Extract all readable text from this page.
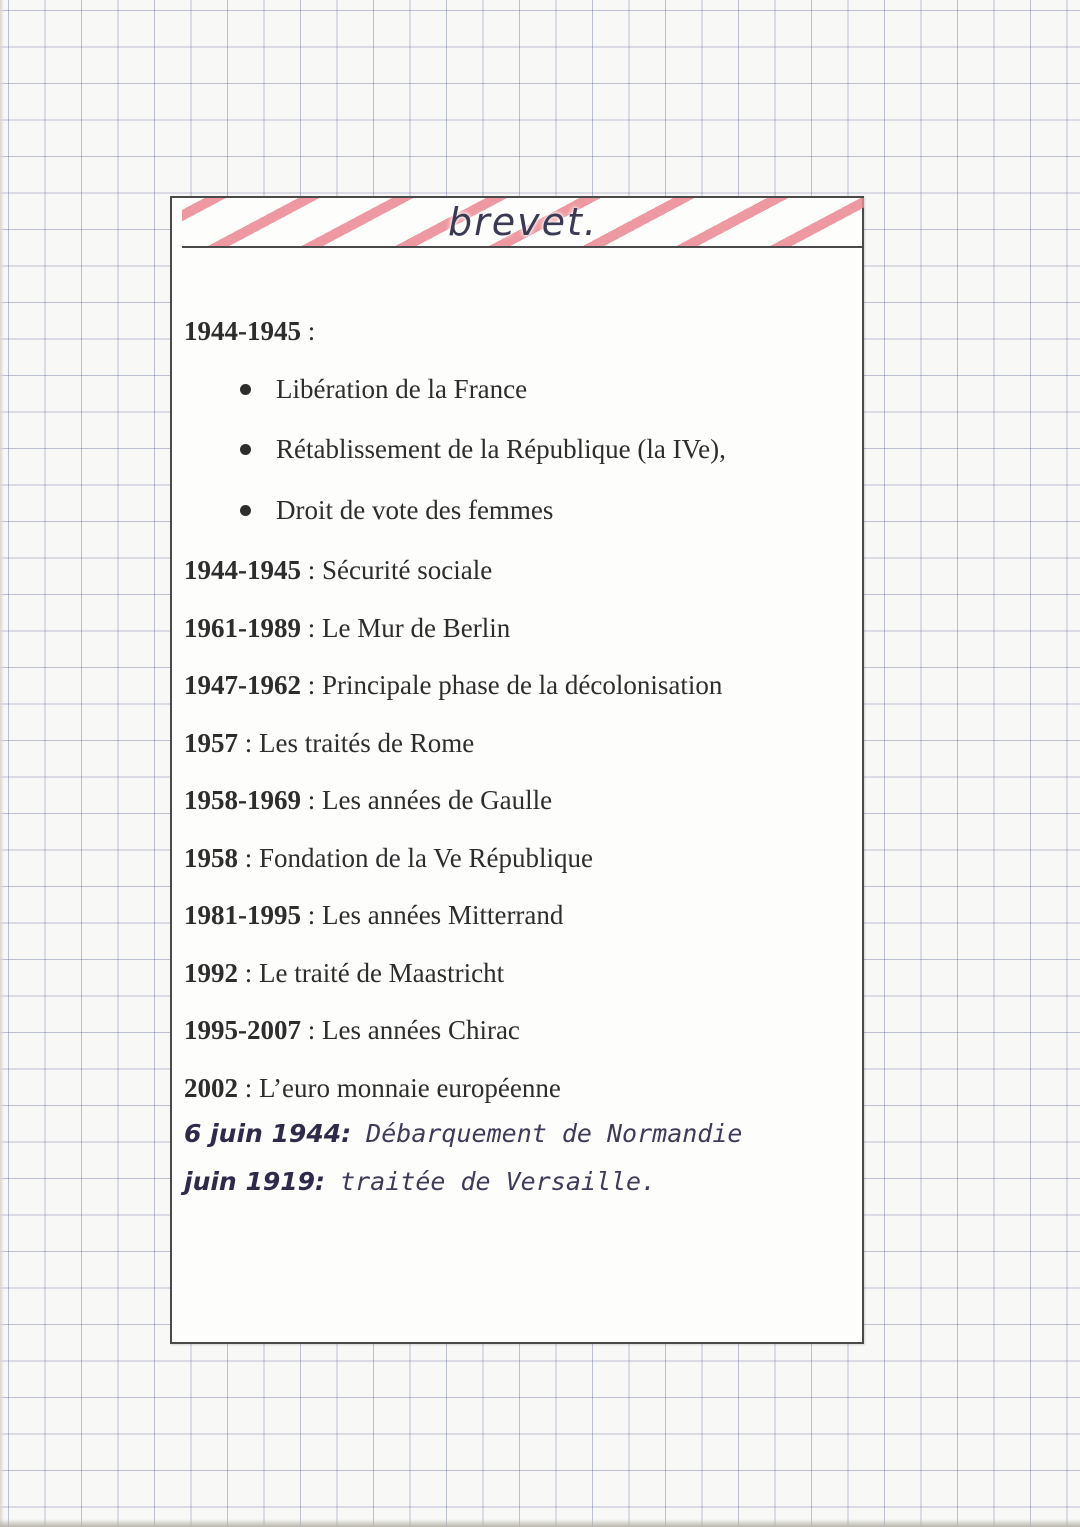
brevet.
1944-1945 :
Libération de la France
Rétablissement de la République (la IVe),
Droit de vote des femmes
1944-1945 : Sécurité sociale
1961-1989 : Le Mur de Berlin
1947-1962 : Principale phase de la décolonisation
1957 : Les traités de Rome
1958-1969 : Les années de Gaulle
1958 : Fondation de la Ve République
1981-1995 : Les années Mitterrand
1992 : Le traité de Maastricht
1995-2007 : Les années Chirac
2002 : L’euro monnaie européenne
6 juin 1944: Débarquement de Normandie
juin 1919: traitée de Versaille.
